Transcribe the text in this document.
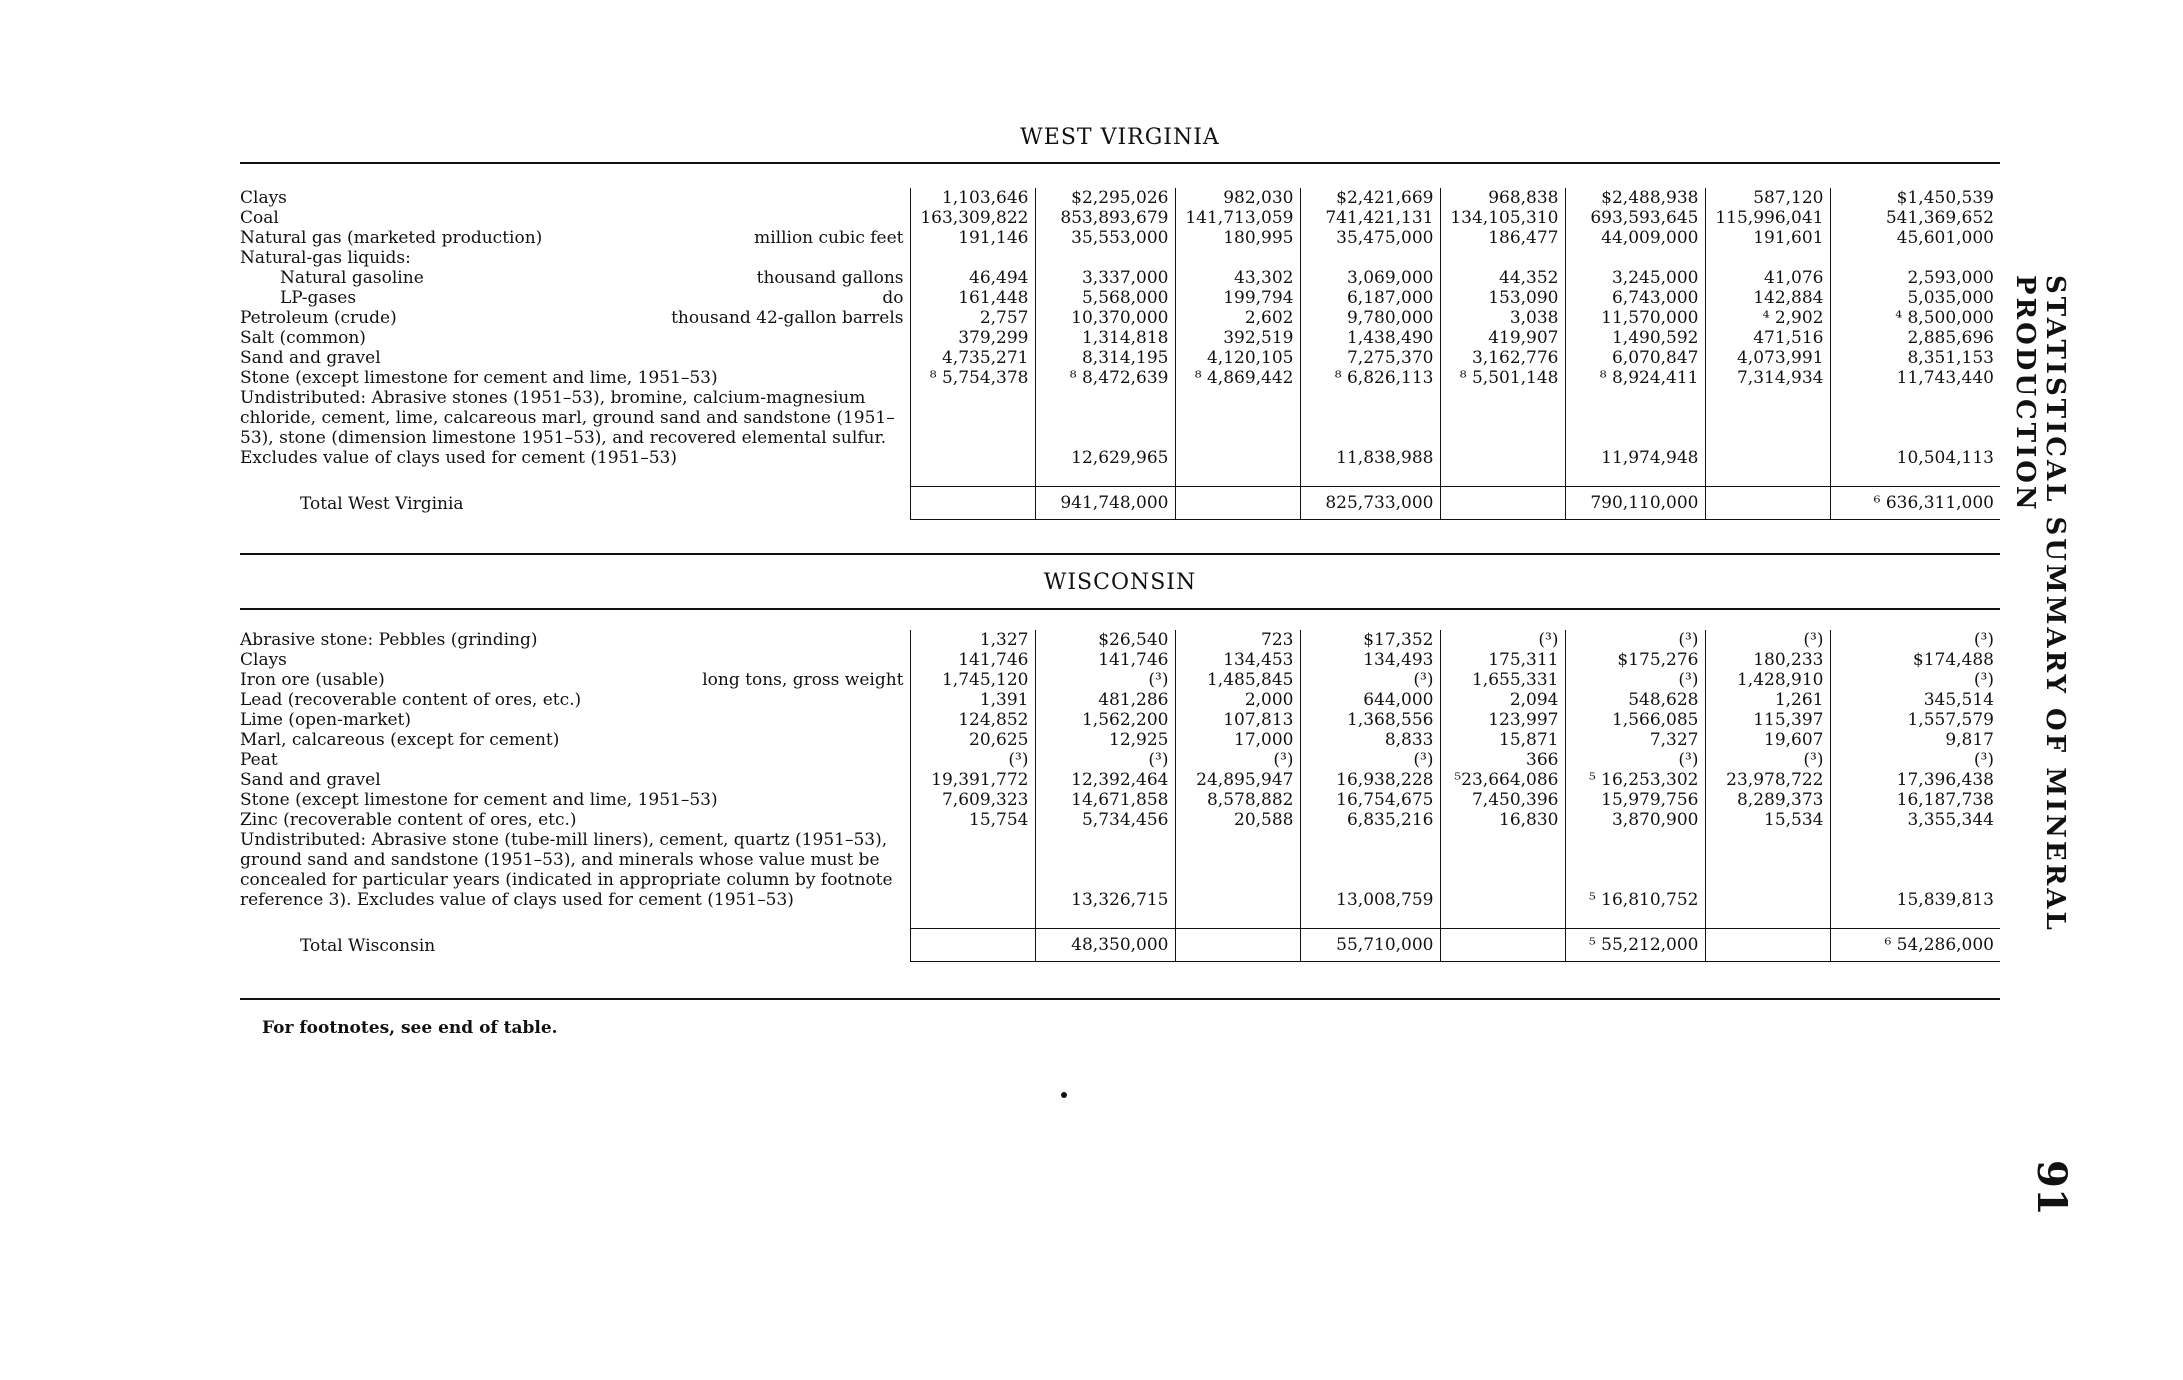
WEST VIRGINIA
Clays	1,103,646	$2,295,026	982,030	$2,421,669	968,838	$2,488,938	587,120	$1,450,539
Coal	163,309,822	853,893,679	141,713,059	741,421,131	134,105,310	693,593,645	115,996,041	541,369,652
Natural gas (marketed production) million cubic feet	191,146	35,553,000	180,995	35,475,000	186,477	44,009,000	191,601	45,601,000
Natural-gas liquids:								
Natural gasoline thousand gallons	46,494	3,337,000	43,302	3,069,000	44,352	3,245,000	41,076	2,593,000
LP-gases do	161,448	5,568,000	199,794	6,187,000	153,090	6,743,000	142,884	5,035,000
Petroleum (crude) thousand 42-gallon barrels	2,757	10,370,000	2,602	9,780,000	3,038	11,570,000	⁴ 2,902	⁴ 8,500,000
Salt (common)	379,299	1,314,818	392,519	1,438,490	419,907	1,490,592	471,516	2,885,696
Sand and gravel	4,735,271	8,314,195	4,120,105	7,275,370	3,162,776	6,070,847	4,073,991	8,351,153
Stone (except limestone for cement and lime, 1951–53)	⁸ 5,754,378	⁸ 8,472,639	⁸ 4,869,442	⁸ 6,826,113	⁸ 5,501,148	⁸ 8,924,411	7,314,934	11,743,440
Undistributed: Abrasive stones (1951–53), bromine, calcium-magnesium chloride, cement, lime, calcareous marl, ground sand and sandstone (1951–53), stone (dimension limestone 1951–53), and recovered elemental sulfur. Excludes value of clays used for cement (1951–53)		12,629,965		11,838,988		11,974,948		10,504,113

Total West Virginia		941,748,000		825,733,000		790,110,000		⁶ 636,311,000
WISCONSIN
Abrasive stone: Pebbles (grinding)	1,327	$26,540	723	$17,352	(³)	(³)	(³)	(³)
Clays	141,746	141,746	134,453	134,493	175,311	$175,276	180,233	$174,488
Iron ore (usable) long tons, gross weight	1,745,120	(³)	1,485,845	(³)	1,655,331	(³)	1,428,910	(³)
Lead (recoverable content of ores, etc.)	1,391	481,286	2,000	644,000	2,094	548,628	1,261	345,514
Lime (open-market)	124,852	1,562,200	107,813	1,368,556	123,997	1,566,085	115,397	1,557,579
Marl, calcareous (except for cement)	20,625	12,925	17,000	8,833	15,871	7,327	19,607	9,817
Peat	(³)	(³)	(³)	(³)	366	(³)	(³)	(³)
Sand and gravel	19,391,772	12,392,464	24,895,947	16,938,228	⁵23,664,086	⁵ 16,253,302	23,978,722	17,396,438
Stone (except limestone for cement and lime, 1951–53)	7,609,323	14,671,858	8,578,882	16,754,675	7,450,396	15,979,756	8,289,373	16,187,738
Zinc (recoverable content of ores, etc.)	15,754	5,734,456	20,588	6,835,216	16,830	3,870,900	15,534	3,355,344
Undistributed: Abrasive stone (tube-mill liners), cement, quartz (1951–53), ground sand and sandstone (1951–53), and minerals whose value must be concealed for particular years (indicated in appropriate column by footnote reference 3). Excludes value of clays used for cement (1951–53)		13,326,715		13,008,759		⁵ 16,810,752		15,839,813

Total Wisconsin		48,350,000		55,710,000		⁵ 55,212,000		⁶ 54,286,000
For footnotes, see end of table.
STATISTICAL SUMMARY OF MINERAL PRODUCTION
91
